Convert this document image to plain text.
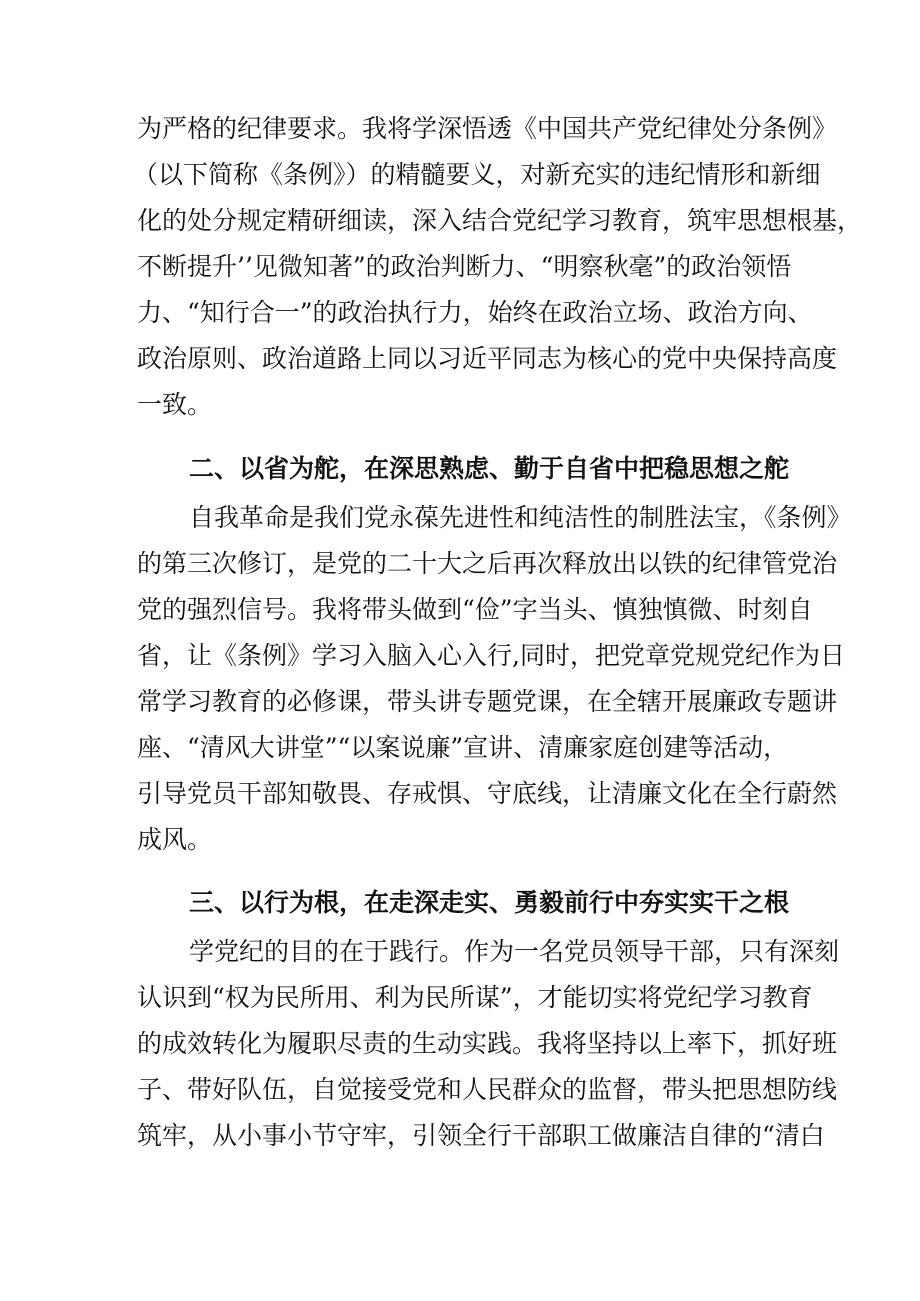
为严格的纪律要求。我将学深悟透《中国共产党纪律处分条例》
（以下简称《条例》）的精髓要义，对新充实的违纪情形和新细
化的处分规定精研细读，深入结合党纪学习教育，筑牢思想根基，
不断提升’’见微知著”的政治判断力、“明察秋毫”的政治领悟
力、“知行合一”的政治执行力，始终在政治立场、政治方向、
政治原则、政治道路上同以习近平同志为核心的党中央保持高度
一致。
二、以省为舵，在深思熟虑、勤于自省中把稳思想之舵
自我革命是我们党永葆先进性和纯洁性的制胜法宝，《条例》
的第三次修订，是党的二十大之后再次释放出以铁的纪律管党治
党的强烈信号。我将带头做到“俭”字当头、慎独慎微、时刻自
省，让《条例》学习入脑入心入行,同时，把党章党规党纪作为日
常学习教育的必修课，带头讲专题党课，在全辖开展廉政专题讲
座、“清风大讲堂”“以案说廉”宣讲、清廉家庭创建等活动，
引导党员干部知敬畏、存戒惧、守底线，让清廉文化在全行蔚然
成风。
三、以行为根，在走深走实、勇毅前行中夯实实干之根
学党纪的目的在于践行。作为一名党员领导干部，只有深刻
认识到“权为民所用、利为民所谋”，才能切实将党纪学习教育
的成效转化为履职尽责的生动实践。我将坚持以上率下，抓好班
子、带好队伍，自觉接受党和人民群众的监督，带头把思想防线
筑牢，从小事小节守牢，引领全行干部职工做廉洁自律的“清白
